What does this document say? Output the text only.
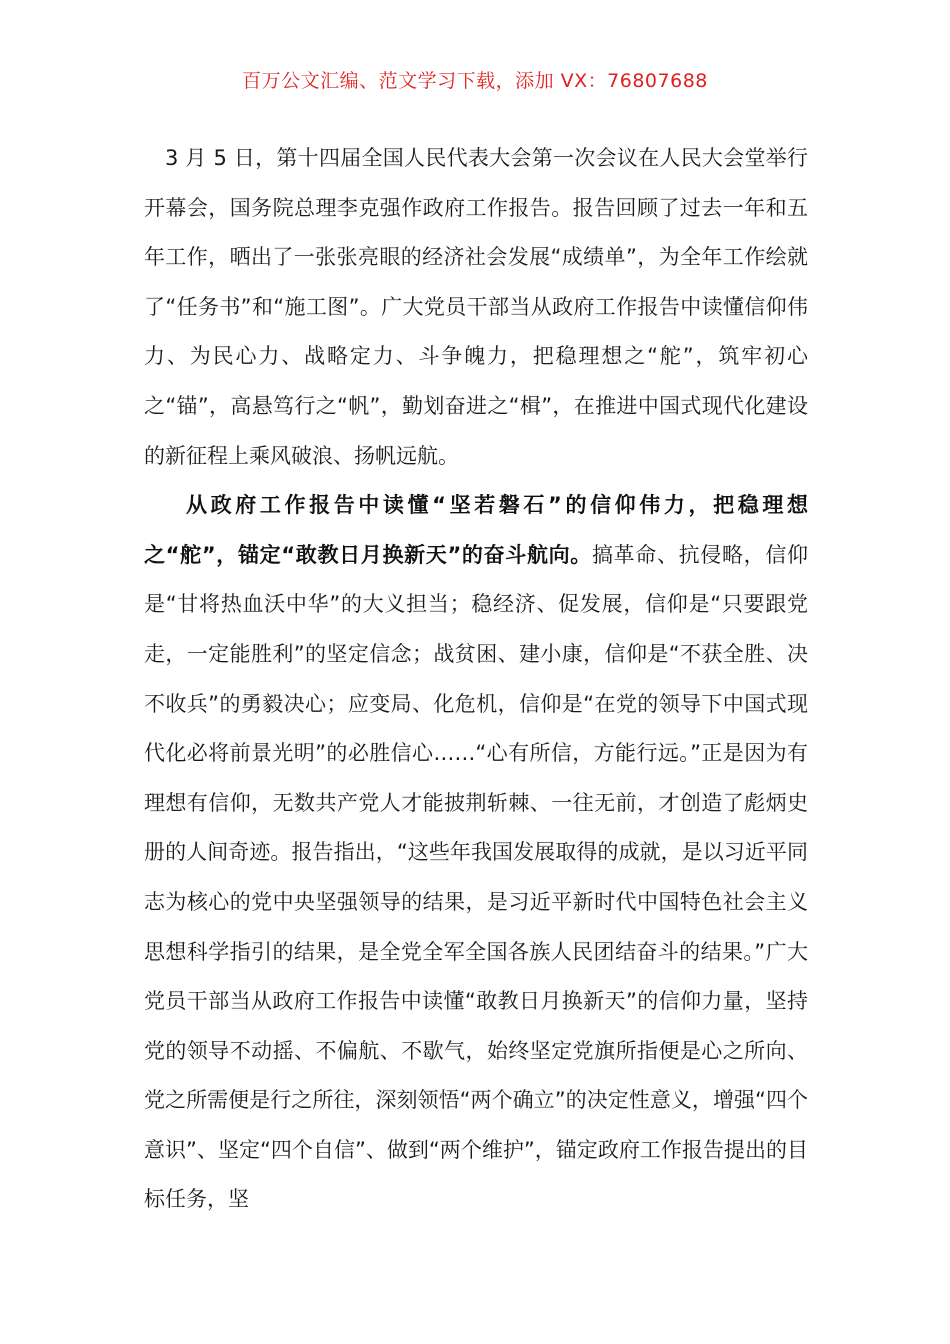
百万公文汇编、范文学习下载，添加 VX：76807688

3 月 5 日，第十四届全国人民代表大会第一次会议在人民大会堂举行开幕会，国务院总理李克强作政府工作报告。报告回顾了过去一年和五年工作，晒出了一张张亮眼的经济社会发展“成绩单”，为全年工作绘就了“任务书”和“施工图”。广大党员干部当从政府工作报告中读懂信仰伟力、为民心力、战略定力、斗争魄力，把稳理想之“舵”，筑牢初心之“锚”，高悬笃行之“帆”，勤划奋进之“楫”，在推进中国式现代化建设的新征程上乘风破浪、扬帆远航。

从政府工作报告中读懂“坚若磐石”的信仰伟力，把稳理想之“舵”，锚定“敢教日月换新天”的奋斗航向。搞革命、抗侵略，信仰是“甘将热血沃中华”的大义担当；稳经济、促发展，信仰是“只要跟党走，一定能胜利”的坚定信念；战贫困、建小康，信仰是“不获全胜、决不收兵”的勇毅决心；应变局、化危机，信仰是“在党的领导下中国式现代化必将前景光明”的必胜信心……“心有所信，方能行远。”正是因为有理想有信仰，无数共产党人才能披荆斩棘、一往无前，才创造了彪炳史册的人间奇迹。报告指出，“这些年我国发展取得的成就，是以习近平同志为核心的党中央坚强领导的结果，是习近平新时代中国特色社会主义思想科学指引的结果，是全党全军全国各族人民团结奋斗的结果。”广大党员干部当从政府工作报告中读懂“敢教日月换新天”的信仰力量，坚持党的领导不动摇、不偏航、不歇气，始终坚定党旗所指便是心之所向、党之所需便是行之所往，深刻领悟“两个确立”的决定性意义，增强“四个意识”、坚定“四个自信”、做到“两个维护”，锚定政府工作报告提出的目标任务，坚
